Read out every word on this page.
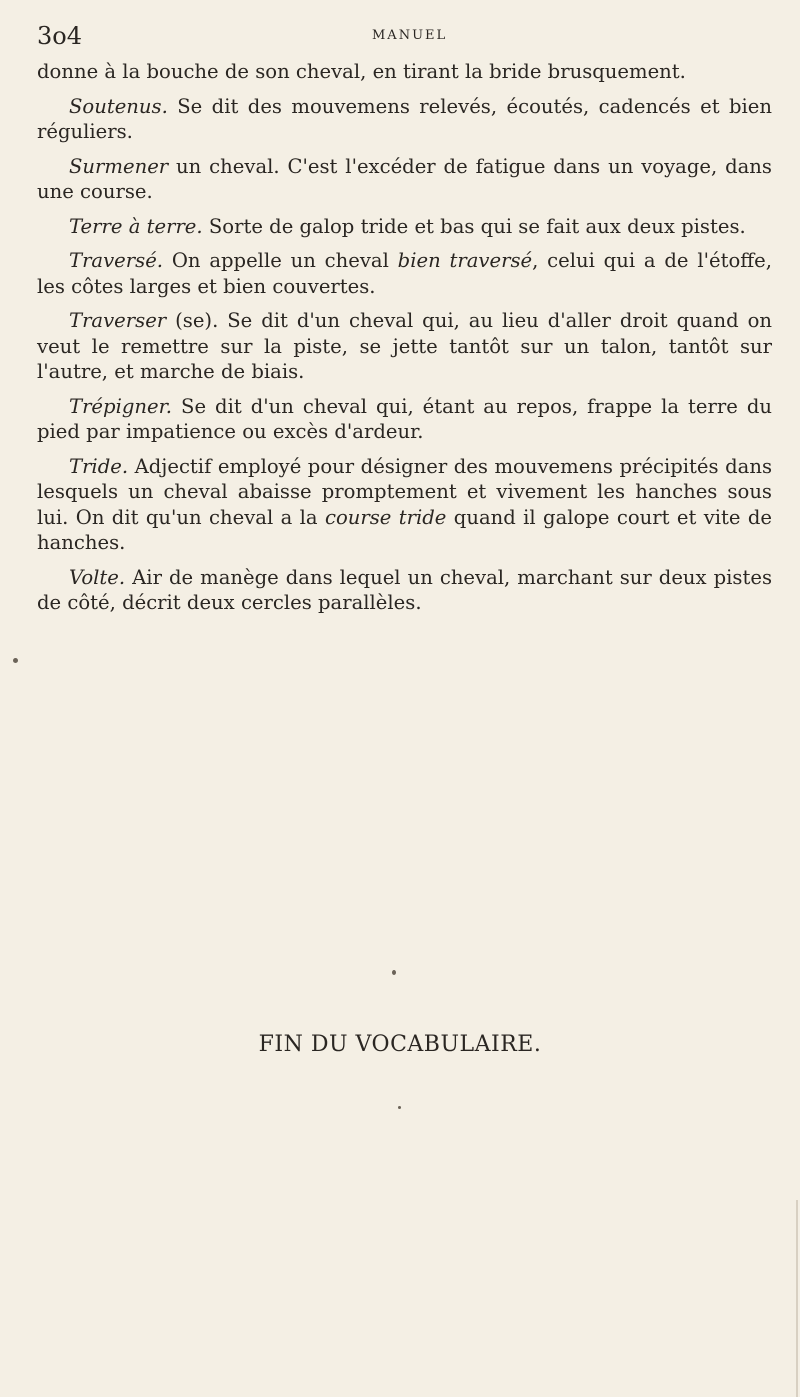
3o4	MANUEL

donne à la bouche de son cheval, en tirant la bride brusquement.

Soutenus. Se dit des mouvemens relevés, écoutés, cadencés et bien réguliers.

Surmener un cheval. C'est l'excéder de fatigue dans un voyage, dans une course.

Terre à terre. Sorte de galop tride et bas qui se fait aux deux pistes.

Traversé. On appelle un cheval bien traversé, celui qui a de l'étoffe, les côtes larges et bien couvertes.

Traverser (se). Se dit d'un cheval qui, au lieu d'aller droit quand on veut le remettre sur la piste, se jette tantôt sur un talon, tantôt sur l'autre, et marche de biais.

Trépigner. Se dit d'un cheval qui, étant au repos, frappe la terre du pied par impatience ou excès d'ardeur.

Tride. Adjectif employé pour désigner des mouvemens précipités dans lesquels un cheval abaisse promptement et vivement les hanches sous lui. On dit qu'un cheval a la course tride quand il galope court et vite de hanches.

Volte. Air de manège dans lequel un cheval, marchant sur deux pistes de côté, décrit deux cercles parallèles.

FIN DU VOCABULAIRE.
